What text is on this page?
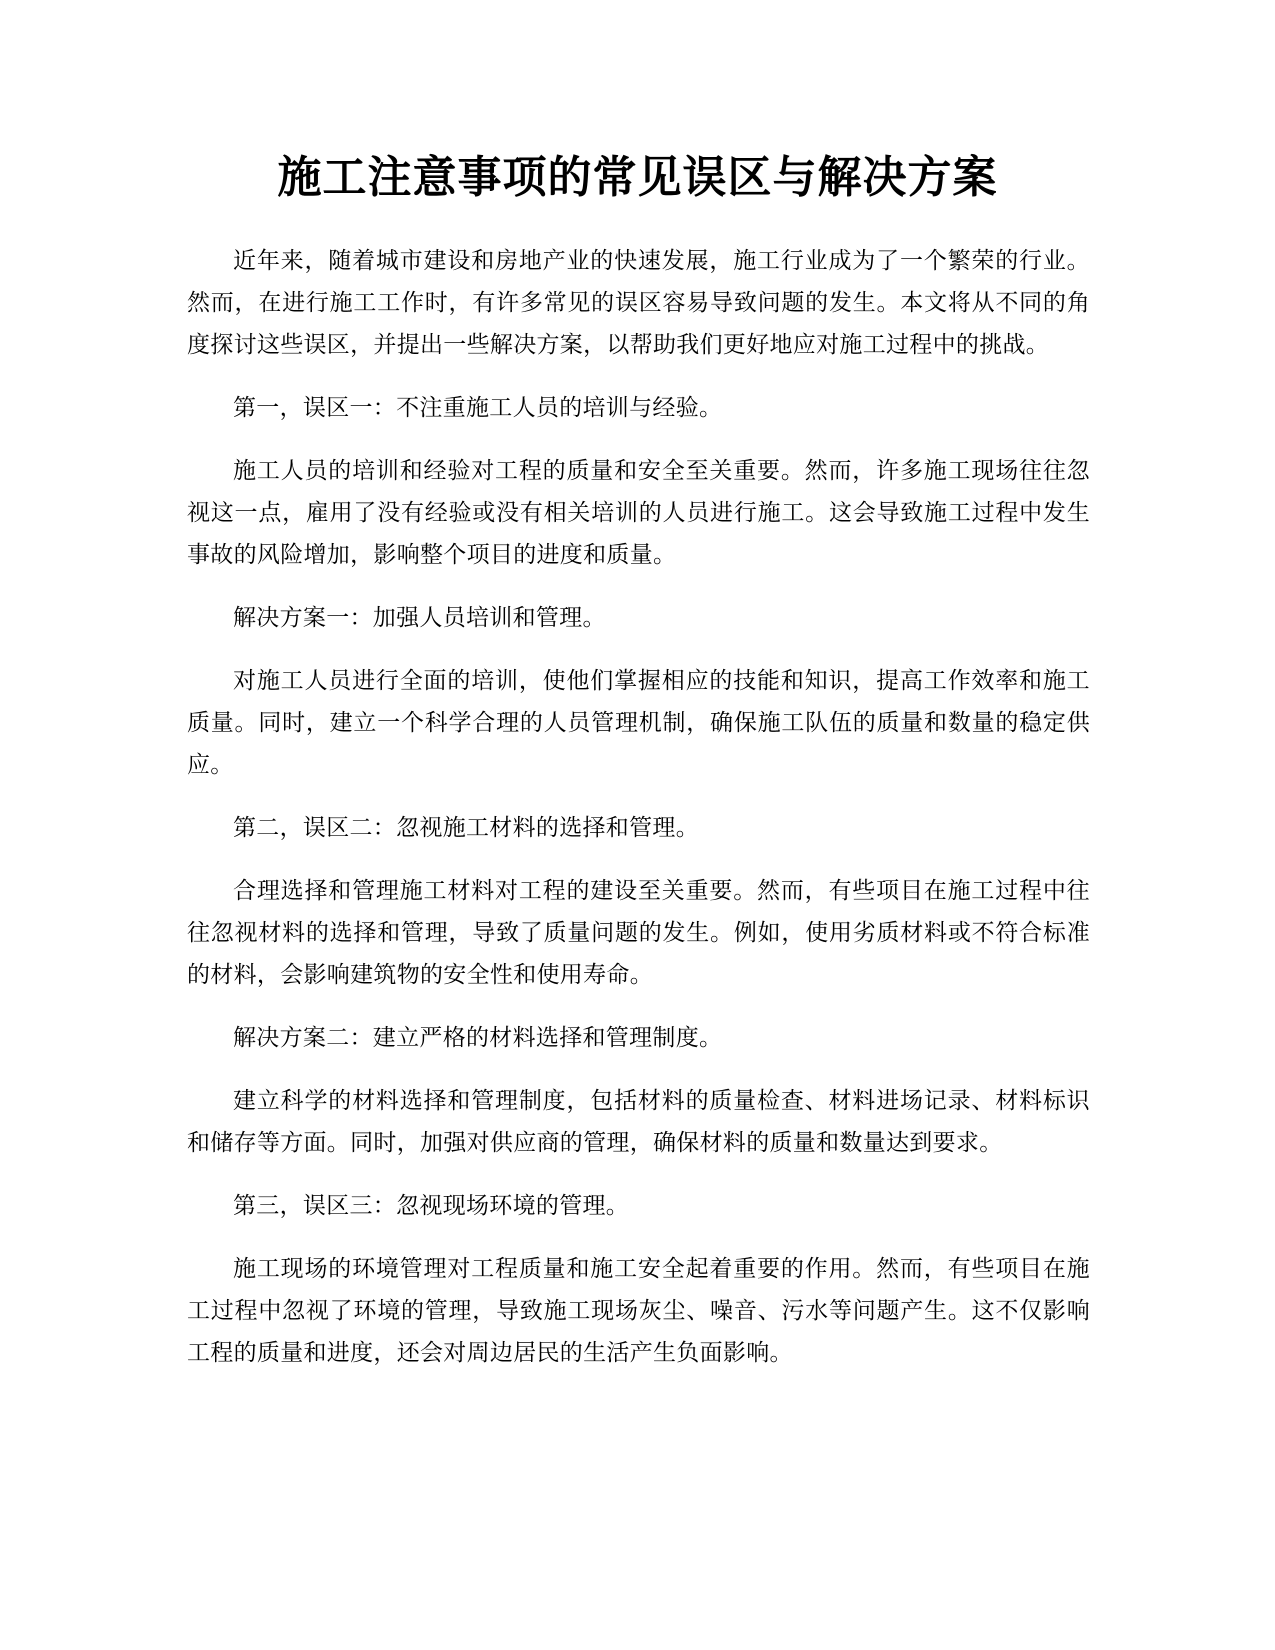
施工注意事项的常见误区与解决方案

近年来，随着城市建设和房地产业的快速发展，施工行业成为了一个繁荣的行业。然而，在进行施工工作时，有许多常见的误区容易导致问题的发生。本文将从不同的角度探讨这些误区，并提出一些解决方案，以帮助我们更好地应对施工过程中的挑战。

第一，误区一：不注重施工人员的培训与经验。

施工人员的培训和经验对工程的质量和安全至关重要。然而，许多施工现场往往忽视这一点，雇用了没有经验或没有相关培训的人员进行施工。这会导致施工过程中发生事故的风险增加，影响整个项目的进度和质量。

解决方案一：加强人员培训和管理。

对施工人员进行全面的培训，使他们掌握相应的技能和知识，提高工作效率和施工质量。同时，建立一个科学合理的人员管理机制，确保施工队伍的质量和数量的稳定供应。

第二，误区二：忽视施工材料的选择和管理。

合理选择和管理施工材料对工程的建设至关重要。然而，有些项目在施工过程中往往忽视材料的选择和管理，导致了质量问题的发生。例如，使用劣质材料或不符合标准的材料，会影响建筑物的安全性和使用寿命。

解决方案二：建立严格的材料选择和管理制度。

建立科学的材料选择和管理制度，包括材料的质量检查、材料进场记录、材料标识和储存等方面。同时，加强对供应商的管理，确保材料的质量和数量达到要求。

第三，误区三：忽视现场环境的管理。

施工现场的环境管理对工程质量和施工安全起着重要的作用。然而，有些项目在施工过程中忽视了环境的管理，导致施工现场灰尘、噪音、污水等问题产生。这不仅影响工程的质量和进度，还会对周边居民的生活产生负面影响。
